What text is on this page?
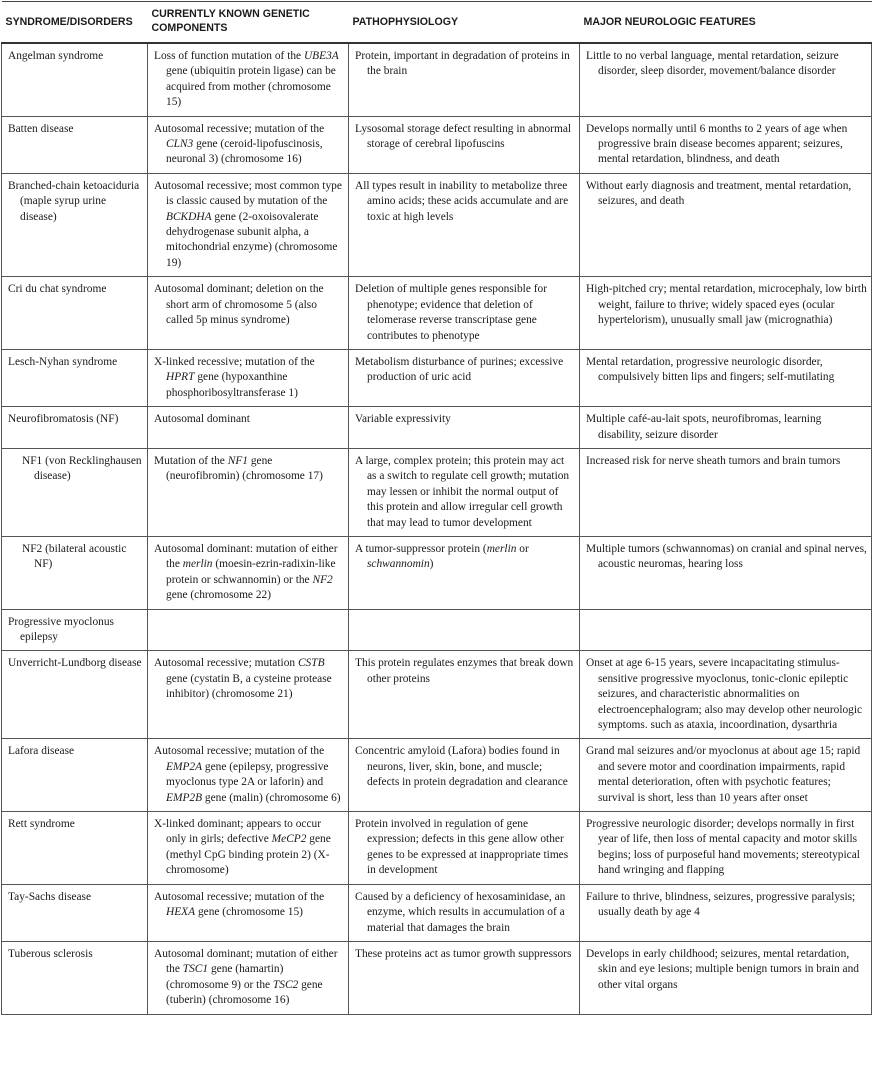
SYNDROME/DISORDERS	CURRENTLY KNOWN GENETIC COMPONENTS	PATHOPHYSIOLOGY	MAJOR NEUROLOGIC FEATURES

Angelman syndrome	Loss of function mutation of the UBE3A gene (ubiquitin protein ligase) can be acquired from mother (chromosome 15)	Protein, important in degradation of proteins in the brain	Little to no verbal language, mental retardation, seizure disorder, sleep disorder, movement/balance disorder

Batten disease	Autosomal recessive; mutation of the CLN3 gene (ceroid-lipofuscinosis, neuronal 3) (chromosome 16)	Lysosomal storage defect resulting in abnormal storage of cerebral lipofuscins	Develops normally until 6 months to 2 years of age when progressive brain disease becomes apparent; seizures, mental retardation, blindness, and death

Branched-chain ketoaciduria (maple syrup urine disease)	Autosomal recessive; most common type is classic caused by mutation of the BCKDHA gene (2-oxoisovalerate dehydrogenase subunit alpha, a mitochondrial enzyme) (chromosome 19)	All types result in inability to metabolize three amino acids; these acids accumulate and are toxic at high levels	Without early diagnosis and treatment, mental retardation, seizures, and death

Cri du chat syndrome	Autosomal dominant; deletion on the short arm of chromosome 5 (also called 5p minus syndrome)	Deletion of multiple genes responsible for phenotype; evidence that deletion of telomerase reverse transcriptase gene contributes to phenotype	High-pitched cry; mental retardation, microcephaly, low birth weight, failure to thrive; widely spaced eyes (ocular hypertelorism), unusually small jaw (micrognathia)

Lesch-Nyhan syndrome	X-linked recessive; mutation of the HPRT gene (hypoxanthine phosphoribosyltransferase 1)	Metabolism disturbance of purines; excessive production of uric acid	Mental retardation, progressive neurologic disorder, compulsively bitten lips and fingers; self-mutilating

Neurofibromatosis (NF)	Autosomal dominant	Variable expressivity	Multiple café-au-lait spots, neurofibromas, learning disability, seizure disorder

NF1 (von Recklinghausen disease)	Mutation of the NF1 gene (neurofibromin) (chromosome 17)	A large, complex protein; this protein may act as a switch to regulate cell growth; mutation may lessen or inhibit the normal output of this protein and allow irregular cell growth that may lead to tumor development	Increased risk for nerve sheath tumors and brain tumors

NF2 (bilateral acoustic NF)	Autosomal dominant: mutation of either the merlin (moesin-ezrin-radixin-like protein or schwannomin) or the NF2 gene (chromosome 22)	A tumor-suppressor protein (merlin or schwannomin)	Multiple tumors (schwannomas) on cranial and spinal nerves, acoustic neuromas, hearing loss

Progressive myoclonus epilepsy			

Unverricht-Lundborg disease	Autosomal recessive; mutation CSTB gene (cystatin B, a cysteine protease inhibitor) (chromosome 21)	This protein regulates enzymes that break down other proteins	Onset at age 6-15 years, severe incapacitating stimulus-sensitive progressive myoclonus, tonic-clonic epileptic seizures, and characteristic abnormalities on electroencephalogram; also may develop other neurologic symptoms. such as ataxia, incoordination, dysarthria

Lafora disease	Autosomal recessive; mutation of the EMP2A gene (epilepsy, progressive myoclonus type 2A or laforin) and EMP2B gene (malin) (chromosome 6)	Concentric amyloid (Lafora) bodies found in neurons, liver, skin, bone, and muscle; defects in protein degradation and clearance	Grand mal seizures and/or myoclonus at about age 15; rapid and severe motor and coordination impairments, rapid mental deterioration, often with psychotic features; survival is short, less than 10 years after onset

Rett syndrome	X-linked dominant; appears to occur only in girls; defective MeCP2 gene (methyl CpG binding protein 2) (X-chromosome)	Protein involved in regulation of gene expression; defects in this gene allow other genes to be expressed at inappropriate times in development	Progressive neurologic disorder; develops normally in first year of life, then loss of mental capacity and motor skills begins; loss of purposeful hand movements; stereotypical hand wringing and flapping

Tay-Sachs disease	Autosomal recessive; mutation of the HEXA gene (chromosome 15)	Caused by a deficiency of hexosaminidase, an enzyme, which results in accumulation of a material that damages the brain	Failure to thrive, blindness, seizures, progressive paralysis; usually death by age 4

Tuberous sclerosis	Autosomal dominant; mutation of either the TSC1 gene (hamartin) (chromosome 9) or the TSC2 gene (tuberin) (chromosome 16)	These proteins act as tumor growth suppressors	Develops in early childhood; seizures, mental retardation, skin and eye lesions; multiple benign tumors in brain and other vital organs
